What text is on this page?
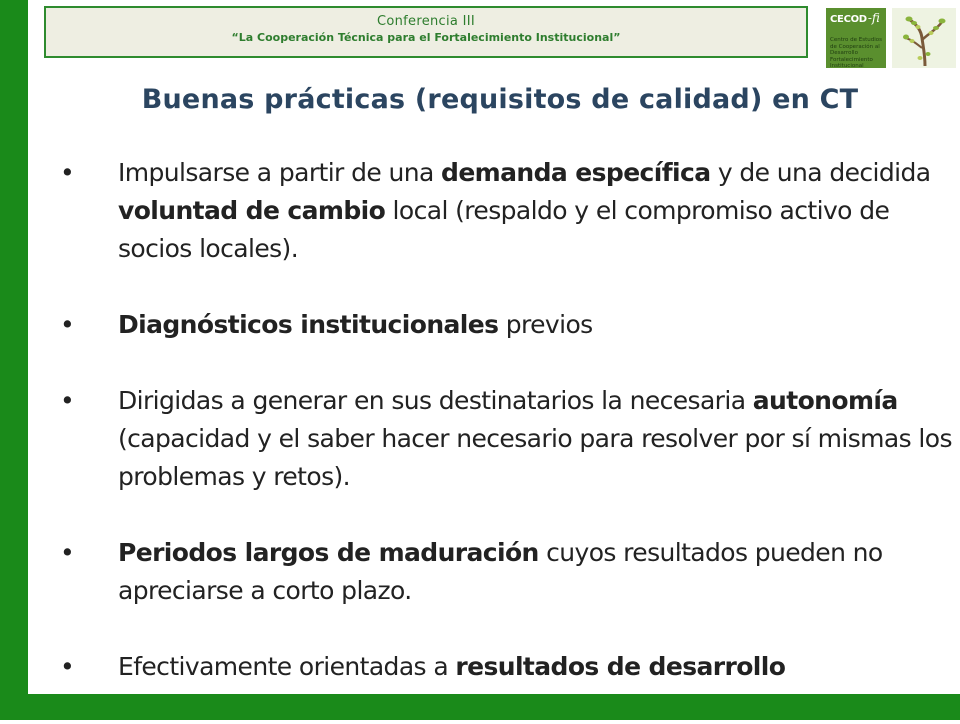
Conferencia III
“La Cooperación Técnica para el Fortalecimiento Institucional”
CECOD -fi
Centro de Estudios de Cooperación al Desarrollo Fortalecimiento Institucional
Buenas prácticas (requisitos de calidad) en CT
•	Impulsarse a partir de una demanda específica y de una decidida voluntad de cambio local (respaldo y el compromiso activo de socios locales).
•	Diagnósticos institucionales previos
•	Dirigidas a generar en sus destinatarios la necesaria autonomía (capacidad y el saber hacer necesario para resolver por sí mismas los problemas y retos).
•	Periodos largos de maduración cuyos resultados pueden no apreciarse a corto plazo.
•	Efectivamente orientadas a resultados de desarrollo
